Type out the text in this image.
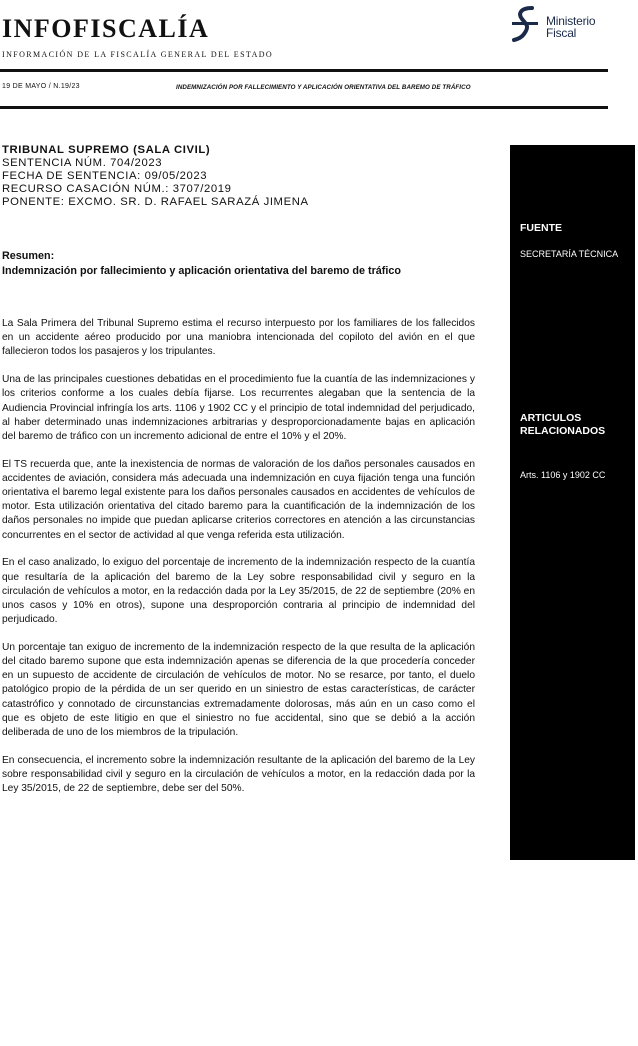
INFOFISCALÍA
INFORMACIÓN DE LA FISCALÍA GENERAL DEL ESTADO
Ministerio
Fiscal
19 DE MAYO / N.19/23	INDEMNIZACIÓN POR FALLECIMIENTO Y APLICACIÓN ORIENTATIVA DEL BAREMO DE TRÁFICO
TRIBUNAL SUPREMO (SALA CIVIL)
SENTENCIA NÚM. 704/2023
FECHA DE SENTENCIA: 09/05/2023
RECURSO CASACIÓN NÚM.: 3707/2019
PONENTE: EXCMO. SR. D. RAFAEL SARAZÁ JIMENA
Resumen:
Indemnización por fallecimiento y aplicación orientativa del baremo de tráfico

La Sala Primera del Tribunal Supremo estima el recurso interpuesto por los familiares de los fallecidos en un accidente aéreo producido por una maniobra intencionada del copiloto del avión en el que fallecieron todos los pasajeros y los tripulantes.

Una de las principales cuestiones debatidas en el procedimiento fue la cuantía de las indemnizaciones y los criterios conforme a los cuales debía fijarse. Los recurrentes alegaban que la sentencia de la Audiencia Provincial infringía los arts. 1106 y 1902 CC y el principio de total indemnidad del perjudicado, al haber determinado unas indemnizaciones arbitrarias y desproporcionadamente bajas en aplicación del baremo de tráfico con un incremento adicional de entre el 10% y el 20%.

El TS recuerda que, ante la inexistencia de normas de valoración de los daños personales causados en accidentes de aviación, considera más adecuada una indemnización en cuya fijación tenga una función orientativa el baremo legal existente para los daños personales causados en accidentes de vehículos de motor. Esta utilización orientativa del citado baremo para la cuantificación de la indemnización de los daños personales no impide que puedan aplicarse criterios correctores en atención a las circunstancias concurrentes en el sector de actividad al que venga referida esta utilización.

En el caso analizado, lo exiguo del porcentaje de incremento de la indemnización respecto de la cuantía que resultaría de la aplicación del baremo de la Ley sobre responsabilidad civil y seguro en la circulación de vehículos a motor, en la redacción dada por la Ley 35/2015, de 22 de septiembre (20% en unos casos y 10% en otros), supone una desproporción contraria al principio de indemnidad del perjudicado.

Un porcentaje tan exiguo de incremento de la indemnización respecto de la que resulta de la aplicación del citado baremo supone que esta indemnización apenas se diferencia de la que procedería conceder en un supuesto de accidente de circulación de vehículos de motor. No se resarce, por tanto, el duelo patológico propio de la pérdida de un ser querido en un siniestro de estas características, de carácter catastrófico y connotado de circunstancias extremadamente dolorosas, más aún en un caso como el que es objeto de este litigio en que el siniestro no fue accidental, sino que se debió a la acción deliberada de uno de los miembros de la tripulación.

En consecuencia, el incremento sobre la indemnización resultante de la aplicación del baremo de la Ley sobre responsabilidad civil y seguro en la circulación de vehículos a motor, en la redacción dada por la Ley 35/2015, de 22 de septiembre, debe ser del 50%.

FUENTE
SECRETARÍA TÉCNICA
ARTICULOS RELACIONADOS
Arts. 1106 y 1902 CC
